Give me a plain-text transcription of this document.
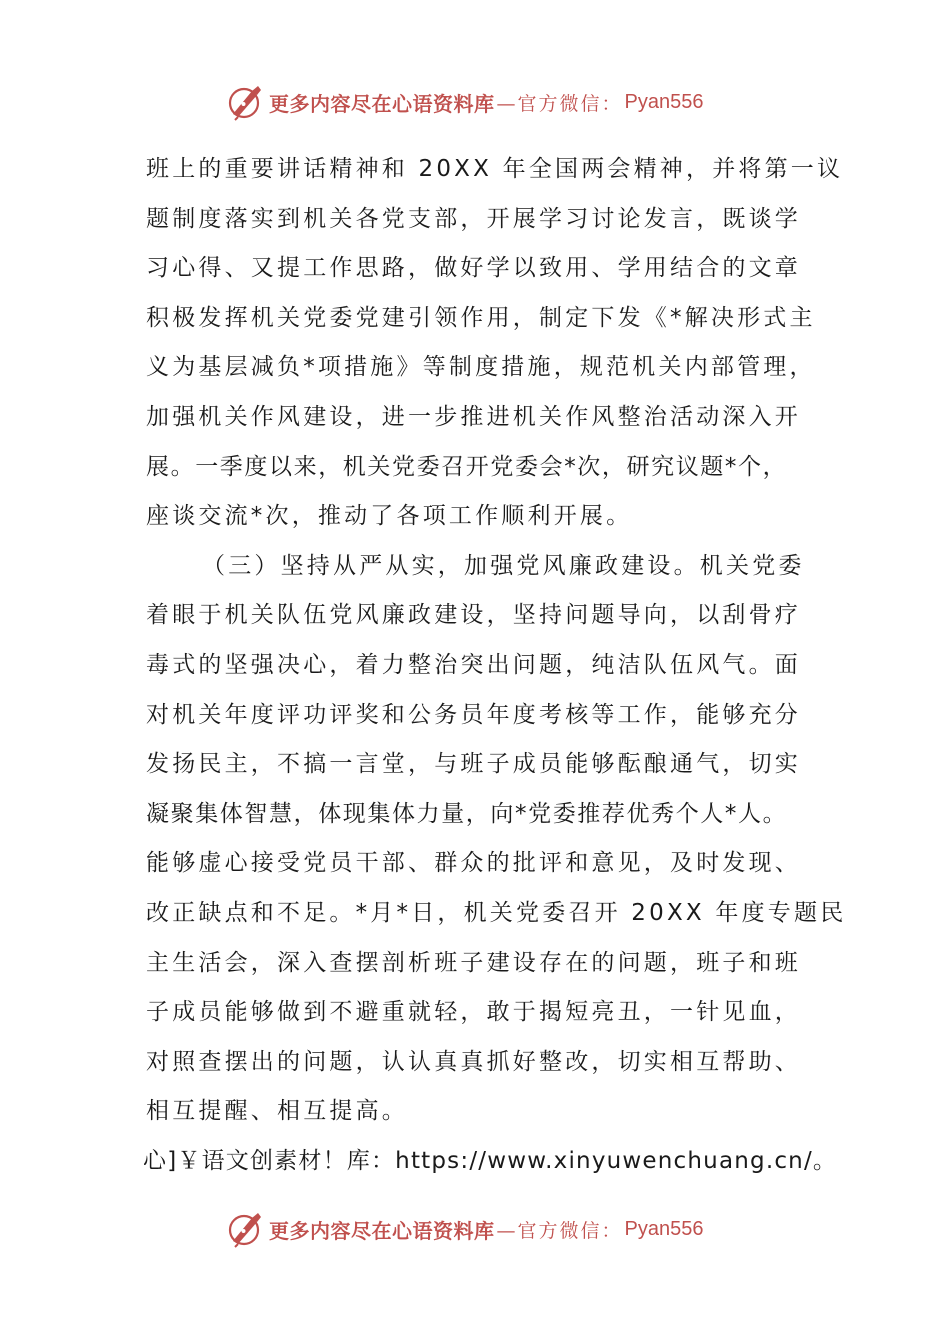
更多内容尽在心语资料库 —官方微信： Pyan556
班上的重要讲话精神和 20XX 年全国两会精神，并将第一议
题制度落实到机关各党支部，开展学习讨论发言，既谈学
习心得、又提工作思路，做好学以致用、学用结合的文章
积极发挥机关党委党建引领作用，制定下发《*解决形式主
义为基层减负*项措施》等制度措施，规范机关内部管理，
加强机关作风建设，进一步推进机关作风整治活动深入开
展。一季度以来，机关党委召开党委会*次，研究议题*个，
座谈交流*次，推动了各项工作顺利开展。
（三）坚持从严从实，加强党风廉政建设。机关党委
着眼于机关队伍党风廉政建设，坚持问题导向，以刮骨疗
毒式的坚强决心，着力整治突出问题，纯洁队伍风气。面
对机关年度评功评奖和公务员年度考核等工作，能够充分
发扬民主，不搞一言堂，与班子成员能够酝酿通气，切实
凝聚集体智慧，体现集体力量，向*党委推荐优秀个人*人。
能够虚心接受党员干部、群众的批评和意见，及时发现、
改正缺点和不足。*月*日，机关党委召开 20XX 年度专题民
主生活会，深入查摆剖析班子建设存在的问题，班子和班
子成员能够做到不避重就轻，敢于揭短亮丑，一针见血，
对照查摆出的问题，认认真真抓好整改，切实相互帮助、
相互提醒、相互提高。
心]￥语文创素材！库：https://www.xinyuwenchuang.cn/。
更多内容尽在心语资料库 —官方微信： Pyan556
